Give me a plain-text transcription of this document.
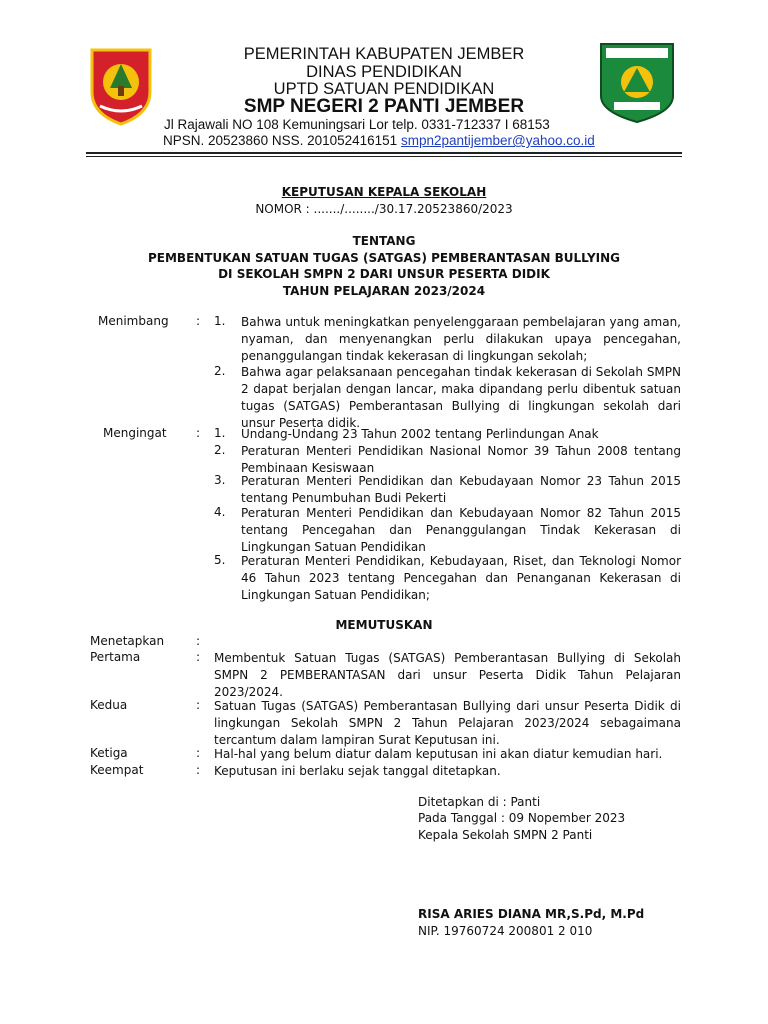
PEMERINTAH KABUPATEN JEMBER
DINAS PENDIDIKAN
UPTD SATUAN PENDIDIKAN
SMP NEGERI 2 PANTI JEMBER
Jl Rajawali NO 108 Kemuningsari Lor telp. 0331-712337 I 68153
NPSN. 20523860 NSS. 201052416151 smpn2pantijember@yahoo.co.id
KEPUTUSAN KEPALA SEKOLAH
NOMOR : ......./......../30.17.20523860/2023
TENTANG
PEMBENTUKAN SATUAN TUGAS (SATGAS) PEMBERANTASAN BULLYING
DI SEKOLAH SMPN 2 DARI UNSUR PESERTA DIDIK
TAHUN PELAJARAN 2023/2024
Menimbang : 1.	Bahwa untuk meningkatkan penyelenggaraan pembelajaran yang aman, nyaman, dan menyenangkan perlu dilakukan upaya pencegahan, penanggulangan tindak kekerasan di lingkungan sekolah;
2.	Bahwa agar pelaksanaan pencegahan tindak kekerasan di Sekolah SMPN 2 dapat berjalan dengan lancar, maka dipandang perlu dibentuk satuan tugas (SATGAS) Pemberantasan Bullying di lingkungan sekolah dari unsur Peserta didik.
Mengingat : 1.	Undang-Undang 23 Tahun 2002 tentang Perlindungan Anak
2.	Peraturan Menteri Pendidikan Nasional Nomor 39 Tahun 2008 tentang Pembinaan Kesiswaan
3.	Peraturan Menteri Pendidikan dan Kebudayaan Nomor 23 Tahun 2015 tentang Penumbuhan Budi Pekerti
4.	Peraturan Menteri Pendidikan dan Kebudayaan Nomor 82 Tahun 2015 tentang Pencegahan dan Penanggulangan Tindak Kekerasan di Lingkungan Satuan Pendidikan
5.	Peraturan Menteri Pendidikan, Kebudayaan, Riset, dan Teknologi Nomor 46 Tahun 2023 tentang Pencegahan dan Penanganan Kekerasan di Lingkungan Satuan Pendidikan;
MEMUTUSKAN
Menetapkan	:
Pertama	: Membentuk Satuan Tugas (SATGAS) Pemberantasan Bullying di Sekolah SMPN 2 PEMBERANTASAN dari unsur Peserta Didik Tahun Pelajaran 2023/2024.
Kedua	: Satuan Tugas (SATGAS) Pemberantasan Bullying dari unsur Peserta Didik di lingkungan Sekolah SMPN 2 Tahun Pelajaran 2023/2024 sebagaimana tercantum dalam lampiran Surat Keputusan ini.
Ketiga	: Hal-hal yang belum diatur dalam keputusan ini akan diatur kemudian hari.
Keempat	: Keputusan ini berlaku sejak tanggal ditetapkan.
Ditetapkan di : Panti
Pada Tanggal : 09 Nopember 2023
Kepala Sekolah SMPN 2 Panti
RISA ARIES DIANA MR,S.Pd, M.Pd
NIP. 19760724 200801 2 010
